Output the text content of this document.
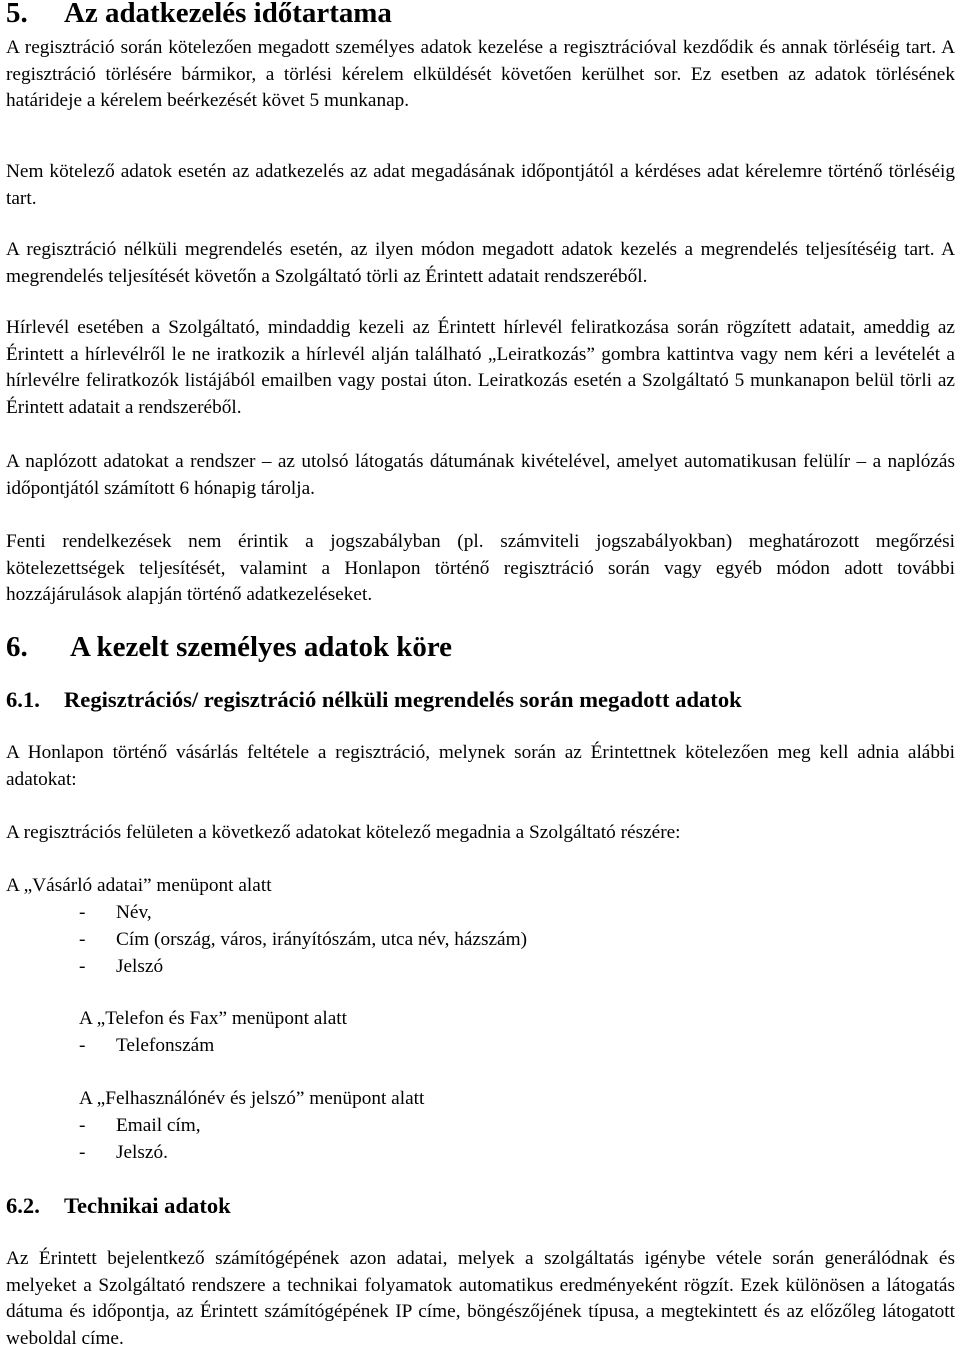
5. Az adatkezelés időtartama

A regisztráció során kötelezően megadott személyes adatok kezelése a regisztrációval kezdődik és annak törléséig tart. A regisztráció törlésére bármikor, a törlési kérelem elküldését követően kerülhet sor. Ez esetben az adatok törlésének határideje a kérelem beérkezését követ 5 munkanap.

Nem kötelező adatok esetén az adatkezelés az adat megadásának időpontjától a kérdéses adat kérelemre történő törléséig tart.

A regisztráció nélküli megrendelés esetén, az ilyen módon megadott adatok kezelés a megrendelés teljesítéséig tart. A megrendelés teljesítését követőn a Szolgáltató törli az Érintett adatait rendszeréből.

Hírlevél esetében a Szolgáltató, mindaddig kezeli az Érintett hírlevél feliratkozása során rögzített adatait, ameddig az Érintett a hírlevélről le ne iratkozik a hírlevél alján található „Leiratkozás” gombra kattintva vagy nem kéri a levételét a hírlevélre feliratkozók listájából emailben vagy postai úton. Leiratkozás esetén a Szolgáltató 5 munkanapon belül törli az Érintett adatait a rendszeréből.

A naplózott adatokat a rendszer – az utolsó látogatás dátumának kivételével, amelyet automatikusan felülír – a naplózás időpontjától számított 6 hónapig tárolja.

Fenti rendelkezések nem érintik a jogszabályban (pl. számviteli jogszabályokban) meghatározott megőrzési kötelezettségek teljesítését, valamint a Honlapon történő regisztráció során vagy egyéb módon adott további hozzájárulások alapján történő adatkezeléseket.

6. A kezelt személyes adatok köre
6.1. Regisztrációs/ regisztráció nélküli megrendelés során megadott adatok

A Honlapon történő vásárlás feltétele a regisztráció, melynek során az Érintettnek kötelezően meg kell adnia alábbi adatokat:

A regisztrációs felületen a következő adatokat kötelező megadnia a Szolgáltató részére:

A „Vásárló adatai” menüpont alatt
- Név,
- Cím (ország, város, irányítószám, utca név, házszám)
- Jelszó
A „Telefon és Fax” menüpont alatt
- Telefonszám
A „Felhasználónév és jelszó” menüpont alatt
- Email cím,
- Jelszó.
6.2. Technikai adatok

Az Érintett bejelentkező számítógépének azon adatai, melyek a szolgáltatás igénybe vétele során generálódnak és melyeket a Szolgáltató rendszere a technikai folyamatok automatikus eredményeként rögzít. Ezek különösen a látogatás dátuma és időpontja, az Érintett számítógépének IP címe, böngészőjének típusa, a megtekintett és az előzőleg látogatott weboldal címe.
